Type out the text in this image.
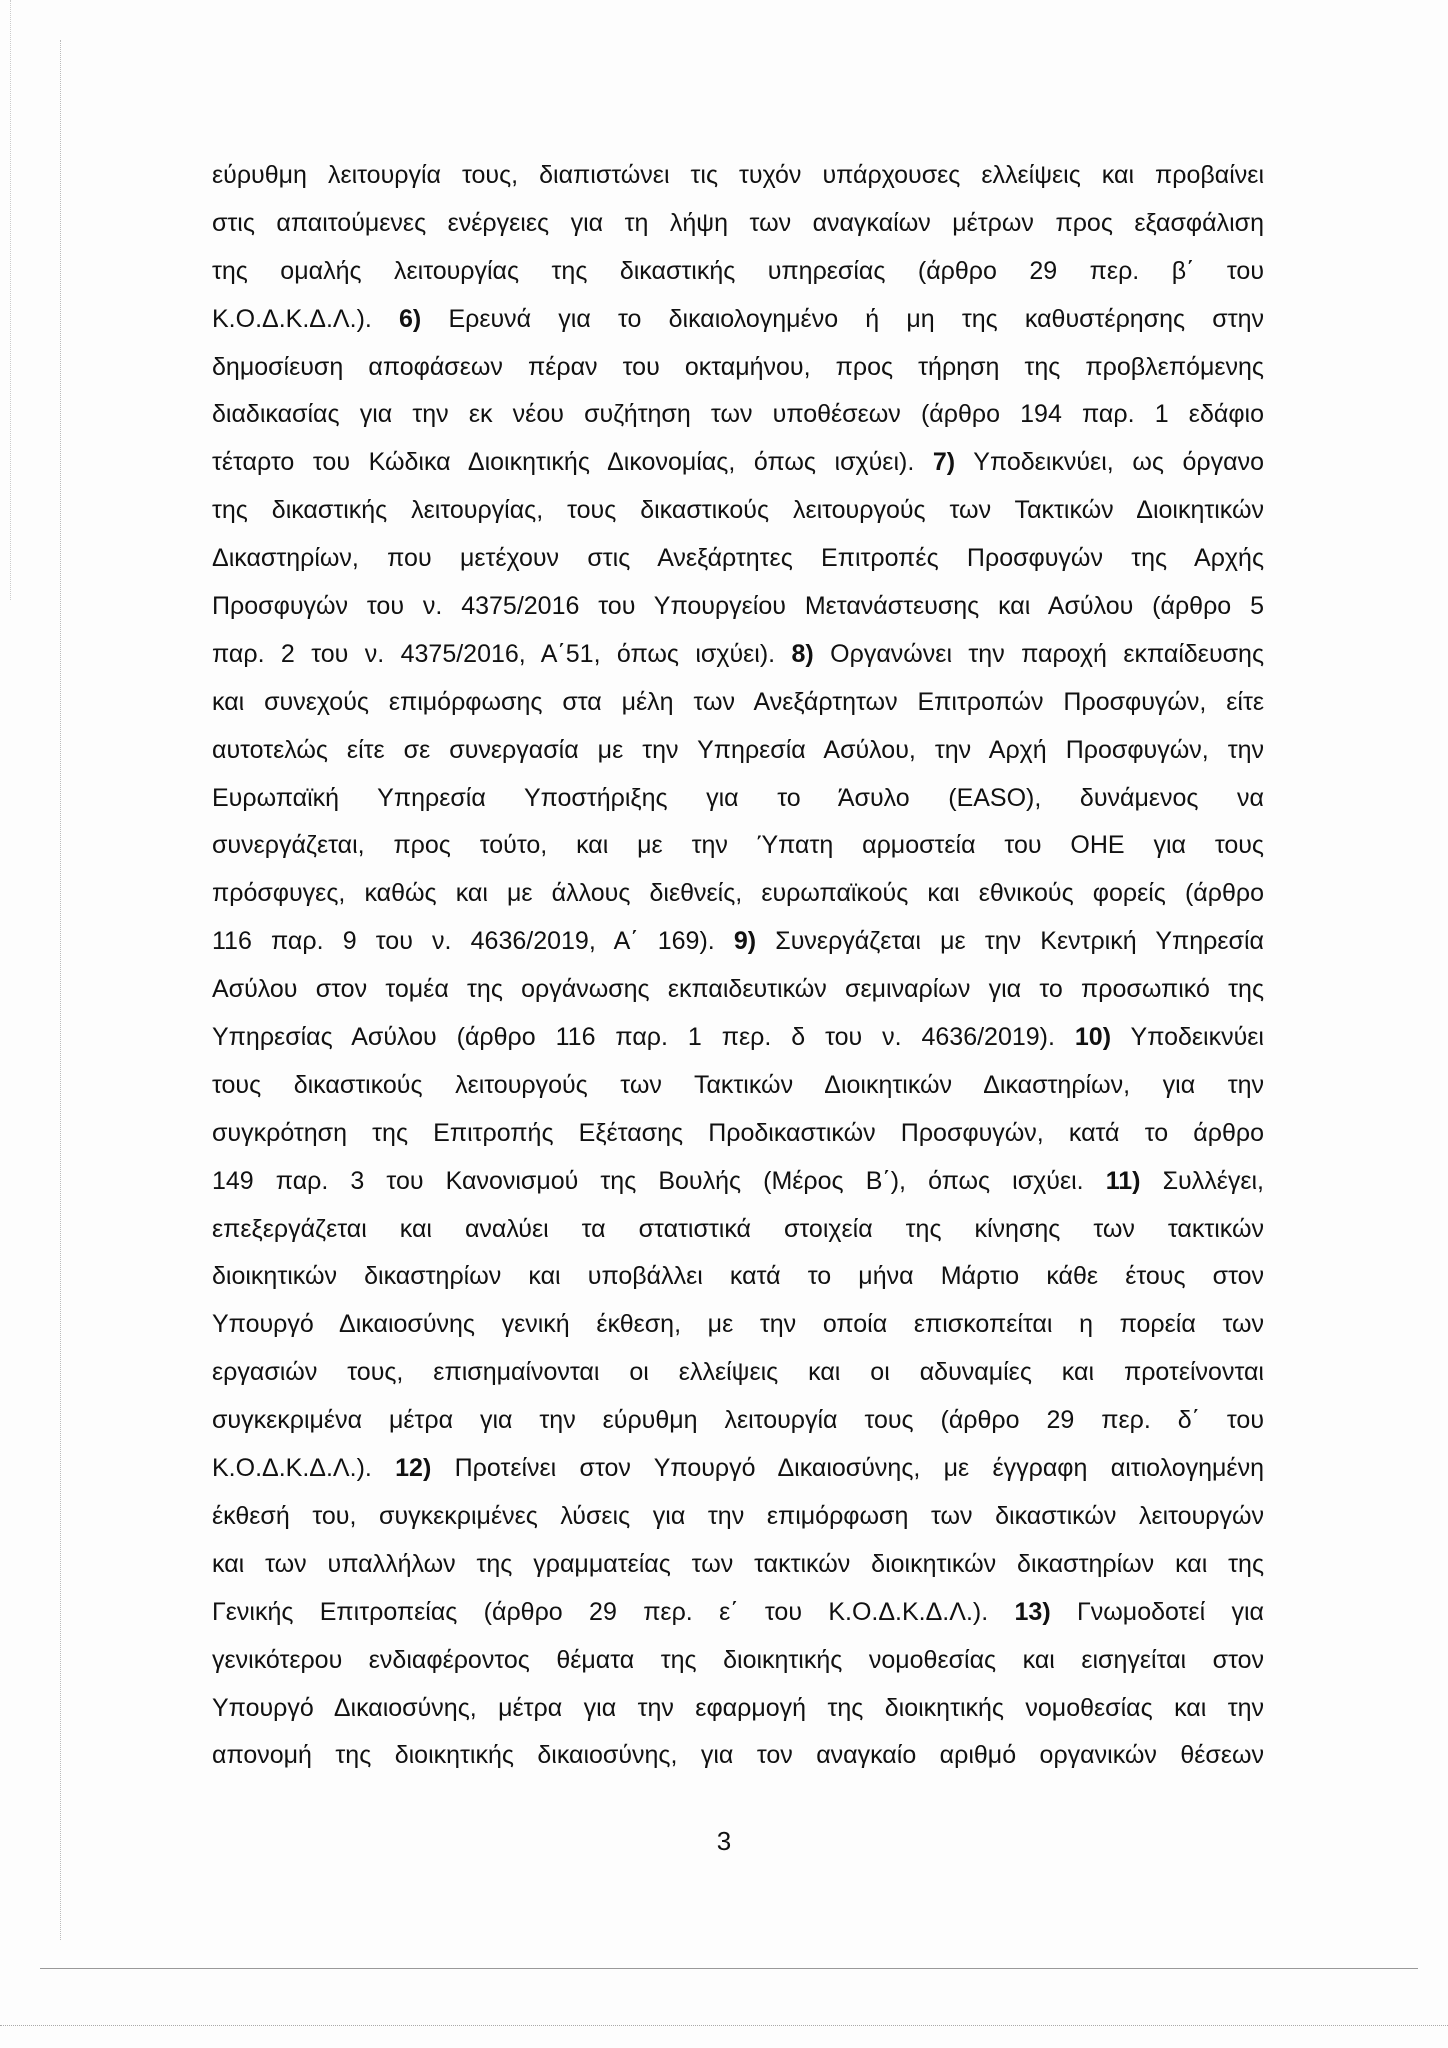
εύρυθμη λειτουργία τους, διαπιστώνει τις τυχόν υπάρχουσες ελλείψεις και προβαίνει
στις απαιτούμενες ενέργειες για τη λήψη των αναγκαίων μέτρων προς εξασφάλιση
της ομαλής λειτουργίας της δικαστικής υπηρεσίας (άρθρο 29 περ. β΄ του
Κ.Ο.Δ.Κ.Δ.Λ.). 6) Ερευνά για το δικαιολογημένο ή μη της καθυστέρησης στην
δημοσίευση αποφάσεων πέραν του οκταμήνου, προς τήρηση της προβλεπόμενης
διαδικασίας για την εκ νέου συζήτηση των υποθέσεων (άρθρο 194 παρ. 1 εδάφιο
τέταρτο του Κώδικα Διοικητικής Δικονομίας, όπως ισχύει). 7) Υποδεικνύει, ως όργανο
της δικαστικής λειτουργίας, τους δικαστικούς λειτουργούς των Τακτικών Διοικητικών
Δικαστηρίων, που μετέχουν στις Ανεξάρτητες Επιτροπές Προσφυγών της Αρχής
Προσφυγών του ν. 4375/2016 του Υπουργείου Μετανάστευσης και Ασύλου (άρθρο 5
παρ. 2 του ν. 4375/2016, Α΄51, όπως ισχύει). 8) Οργανώνει την παροχή εκπαίδευσης
και συνεχούς επιμόρφωσης στα μέλη των Ανεξάρτητων Επιτροπών Προσφυγών, είτε
αυτοτελώς είτε σε συνεργασία με την Υπηρεσία Ασύλου, την Αρχή Προσφυγών, την
Ευρωπαϊκή Υπηρεσία Υποστήριξης για το Άσυλο (EASO), δυνάμενος να
συνεργάζεται, προς τούτο, και με την Ύπατη αρμοστεία του ΟΗΕ για τους
πρόσφυγες, καθώς και με άλλους διεθνείς, ευρωπαϊκούς και εθνικούς φορείς (άρθρο
116 παρ. 9 του ν. 4636/2019, Α΄ 169). 9) Συνεργάζεται με την Κεντρική Υπηρεσία
Ασύλου στον τομέα της οργάνωσης εκπαιδευτικών σεμιναρίων για το προσωπικό της
Υπηρεσίας Ασύλου (άρθρο 116 παρ. 1 περ. δ του ν. 4636/2019). 10) Υποδεικνύει
τους δικαστικούς λειτουργούς των Τακτικών Διοικητικών Δικαστηρίων, για την
συγκρότηση της Επιτροπής Εξέτασης Προδικαστικών Προσφυγών, κατά το άρθρο
149 παρ. 3 του Κανονισμού της Βουλής (Μέρος Β΄), όπως ισχύει. 11) Συλλέγει,
επεξεργάζεται και αναλύει τα στατιστικά στοιχεία της κίνησης των τακτικών
διοικητικών δικαστηρίων και υποβάλλει κατά το μήνα Μάρτιο κάθε έτους στον
Υπουργό Δικαιοσύνης γενική έκθεση, με την οποία επισκοπείται η πορεία των
εργασιών τους, επισημαίνονται οι ελλείψεις και οι αδυναμίες και προτείνονται
συγκεκριμένα μέτρα για την εύρυθμη λειτουργία τους (άρθρο 29 περ. δ΄ του
Κ.Ο.Δ.Κ.Δ.Λ.). 12) Προτείνει στον Υπουργό Δικαιοσύνης, με έγγραφη αιτιολογημένη
έκθεσή του, συγκεκριμένες λύσεις για την επιμόρφωση των δικαστικών λειτουργών
και των υπαλλήλων της γραμματείας των τακτικών διοικητικών δικαστηρίων και της
Γενικής Επιτροπείας (άρθρο 29 περ. ε΄ του Κ.Ο.Δ.Κ.Δ.Λ.). 13) Γνωμοδοτεί για
γενικότερου ενδιαφέροντος θέματα της διοικητικής νομοθεσίας και εισηγείται στον
Υπουργό Δικαιοσύνης, μέτρα για την εφαρμογή της διοικητικής νομοθεσίας και την
απονομή της διοικητικής δικαιοσύνης, για τον αναγκαίο αριθμό οργανικών θέσεων
3
